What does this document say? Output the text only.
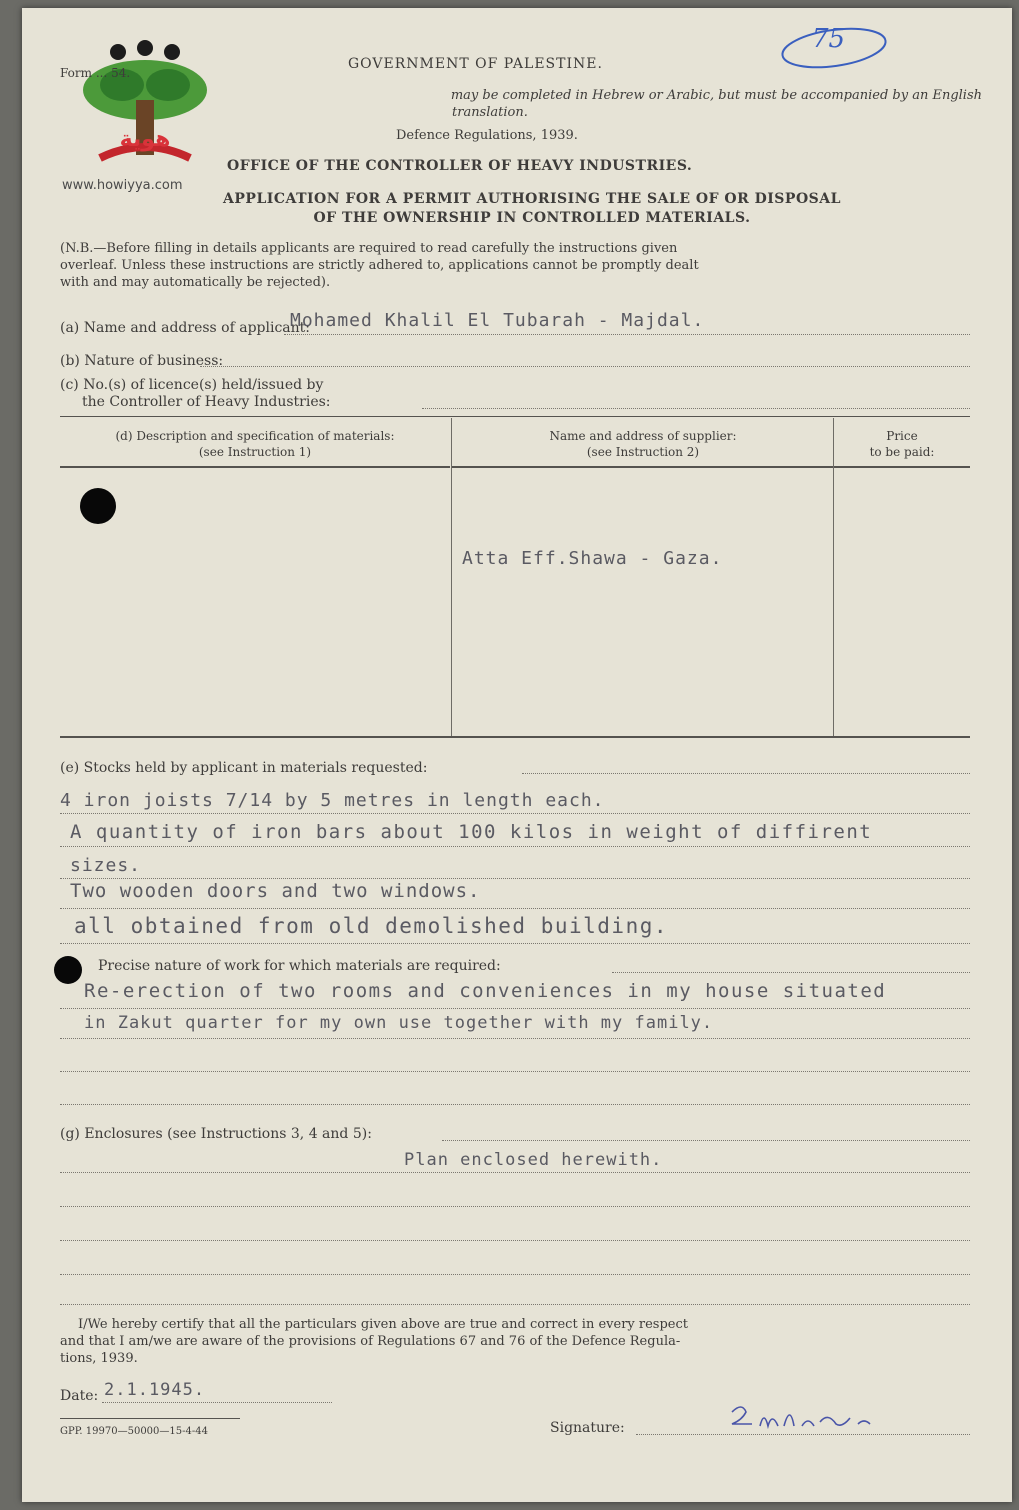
هوية
www.howiyya.com
75
Form ... 54.
GOVERNMENT OF PALESTINE.
may be completed in Hebrew or Arabic, but must be accompanied by an English
translation.
Defence Regulations, 1939.
OFFICE OF THE CONTROLLER OF HEAVY INDUSTRIES.
APPLICATION FOR A PERMIT AUTHORISING THE SALE OF OR DISPOSAL
OF THE OWNERSHIP IN CONTROLLED MATERIALS.
(N.B.—Before filling in details applicants are required to read carefully the instructions given
overleaf. Unless these instructions are strictly adhered to, applications cannot be promptly dealt
with and may automatically be rejected).
(a) Name and address of applicant:
Mohamed Khalil El Tubarah - Majdal.
(b) Nature of business:
(c) No.(s) of licence(s) held/issued by
the Controller of Heavy Industries:
(d) Description and specification of materials:
(see Instruction 1)
Name and address of supplier:
(see Instruction 2)
Price
to be paid:
Atta Eff.Shawa - Gaza.
(e) Stocks held by applicant in materials requested:
4 iron joists 7/14 by 5 metres in length each.
A quantity of iron bars about 100 kilos in weight of diffirent
sizes.
Two wooden doors and two windows.
all obtained from old demolished building.
Precise nature of work for which materials are required:
Re-erection of two rooms and conveniences in my house situated
in Zakut quarter for my own use together with my family.
(g) Enclosures (see Instructions 3, 4 and 5):
Plan enclosed herewith.
I/We hereby certify that all the particulars given above are true and correct in every respect
and that I am/we are aware of the provisions of Regulations 67 and 76 of the Defence Regula-
tions, 1939.
Date: 2.1.1945.
GPP. 19970—50000—15-4-44	Signature:
